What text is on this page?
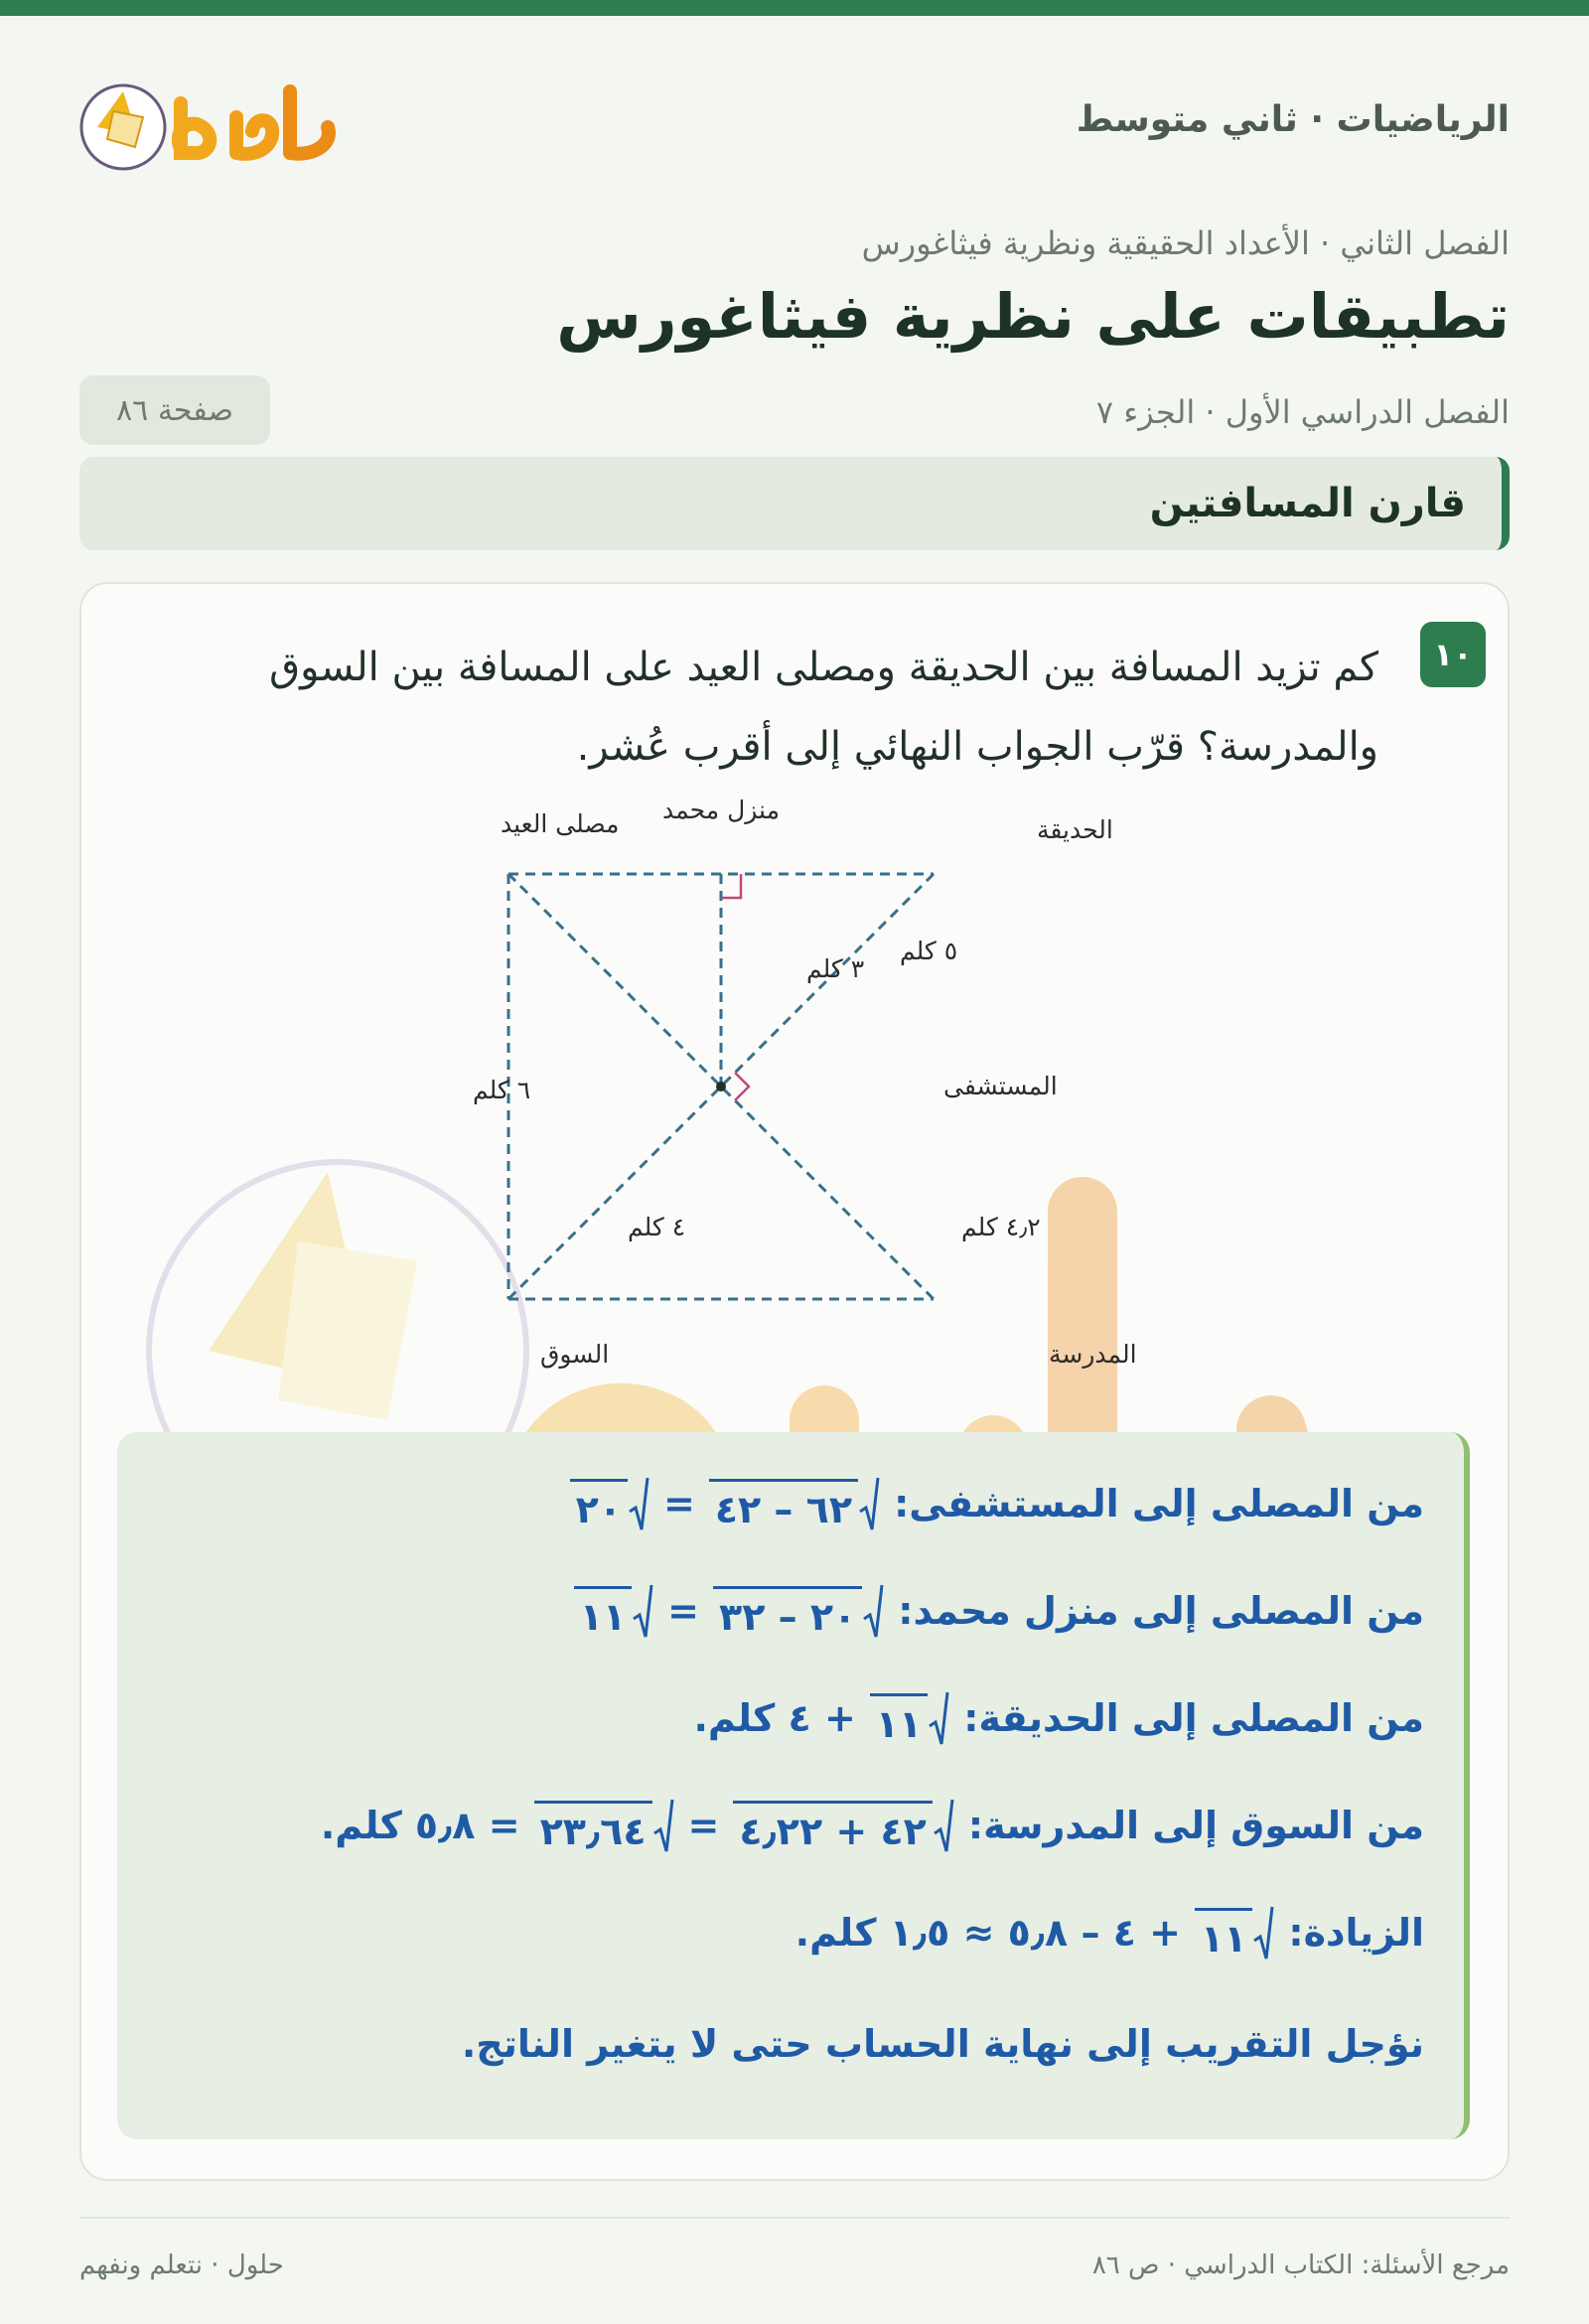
الرياضيات · ثاني متوسط
الفصل الثاني · الأعداد الحقيقية ونظرية فيثاغورس
تطبيقات على نظرية فيثاغورس
الفصل الدراسي الأول · الجزء ٧
صفحة ٨٦
قارن المسافتين
١٠
كم تزيد المسافة بين الحديقة ومصلى العيد على المسافة بين السوق والمدرسة؟ قرّب الجواب النهائي إلى أقرب عُشر.
مصلى العيد منزل محمد
الحديقة
المستشفى
السوق	المدرسة
٦ كلم
٣ كلم
٥ كلم
٤ كلم	٤٫٢ كلم
من المصلى إلى المستشفى:
٦٢ – ٤٢
=
٢٠
من المصلى إلى منزل محمد:
٢٠ – ٣٢
=
١١
من المصلى إلى الحديقة:
١١
+ ٤ كلم.
من السوق إلى المدرسة:
٤٢ + ٤٫٢٢
=
٢٣٫٦٤
= ٥٫٨ كلم.
الزيادة:
١١
+ ٤ – ٥٫٨ ≈ ١٫٥ كلم.
نؤجل التقريب إلى نهاية الحساب حتى لا يتغير الناتج.
مرجع الأسئلة: الكتاب الدراسي · ص ٨٦
حلول · نتعلم ونفهم
